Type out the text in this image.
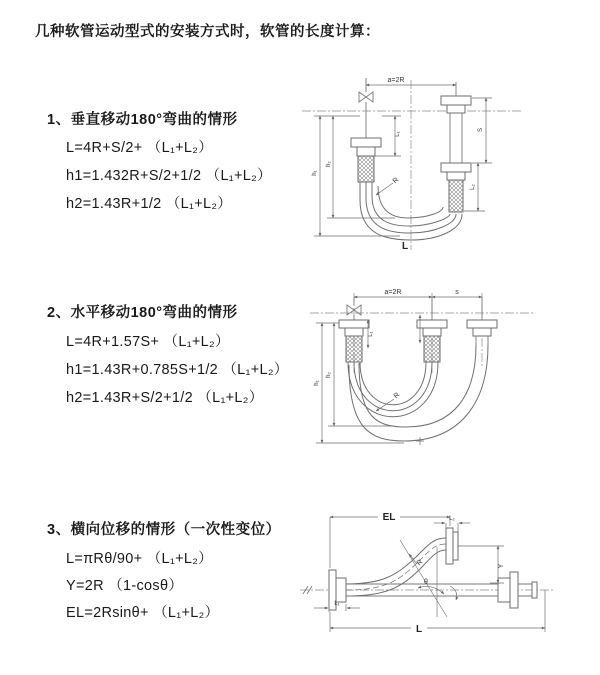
几种软管运动型式的安装方式时，软管的长度计算：
1、垂直移动180°弯曲的情形
L=4R+S/2+ （L₁+L₂）
h1=1.432R+S/2+1/2 （L₁+L₂）
h2=1.43R+1/2 （L₁+L₂）
2、水平移动180°弯曲的情形
L=4R+1.57S+ （L₁+L₂）
h1=1.43R+0.785S+1/2 （L₁+L₂）
h2=1.43R+S/2+1/2 （L₁+L₂）
3、横向位移的情形（一次性变位）
L=πRθ/90+ （L₁+L₂）
Y=2R （1-cosθ）
EL=2Rsinθ+ （L₁+L₂）
a=2R
L₁
S
L₂
h₁
h₂
R
L
a=2R	s
L₁
h₁
h₂
R
θ
R
EL	L₂
Y
L₁
L
